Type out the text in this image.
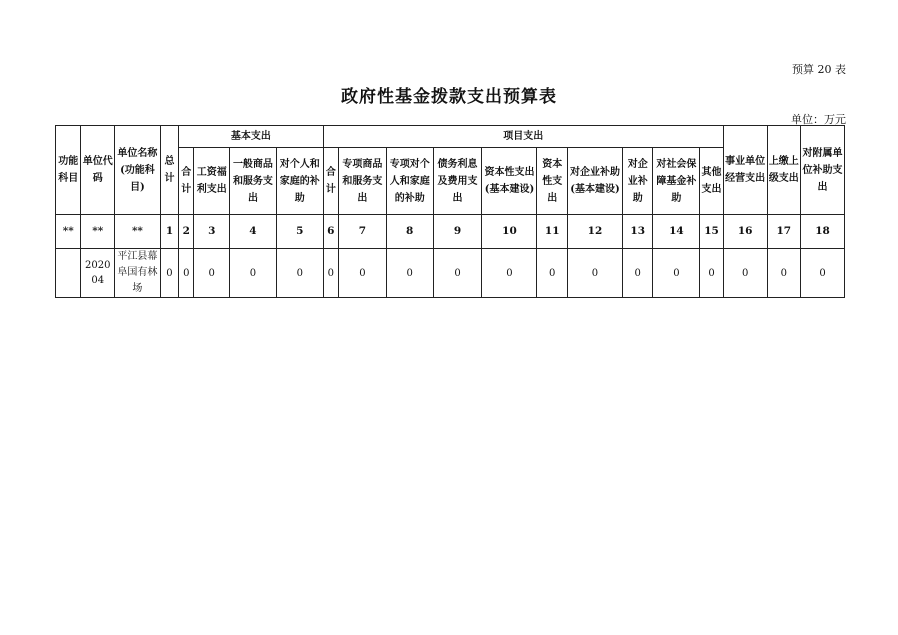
预算 20 表
政府性基金拨款支出预算表
单位：万元
功能科目	单位代码	单位名称(功能科目)	总计	基本支出				项目支出										事业单位经营支出	上缴上级支出	对附属单位补助支出
				合计	工资福利支出	一般商品和服务支出	对个人和家庭的补助	合计	专项商品和服务支出	专项对个人和家庭的补助	债务利息及费用支出	资本性支出(基本建设)	资本性支出	对企业补助(基本建设)	对企业补助	对社会保障基金补助	其他支出			
**	**	**	1	2	3	4	5	6	7	8	9	10	11	12	13	14	15	16	17	18
	202004	平江县幕阜国有林场	0	0	0	0	0	0	0	0	0	0	0	0	0	0	0	0	0	0
